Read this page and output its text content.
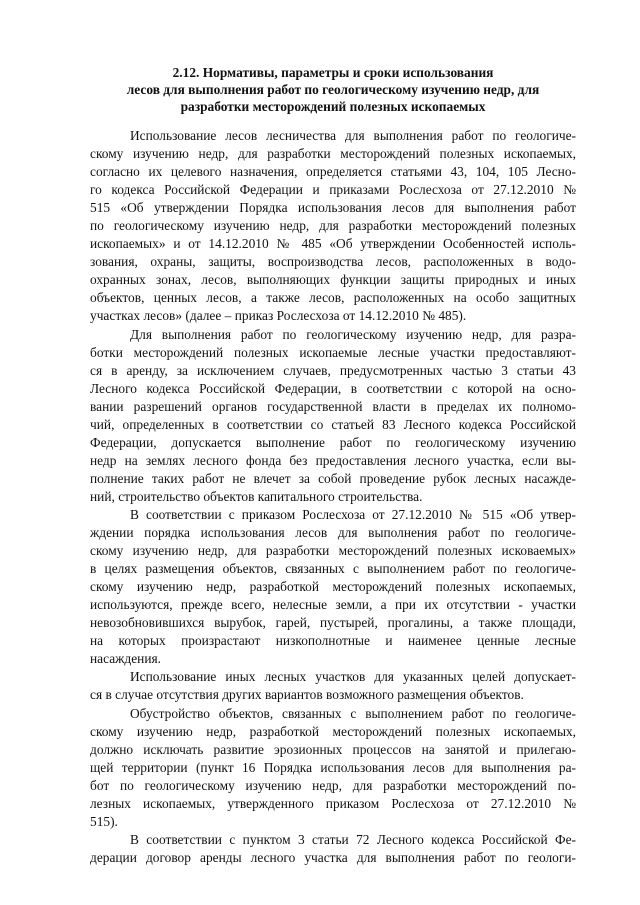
2.12. Нормативы, параметры и сроки использования
лесов для выполнения работ по геологическому изучению недр, для
разработки месторождений полезных ископаемых
Использование лесов лесничества для выполнения работ по геологиче-
скому изучению недр, для разработки месторождений полезных ископаемых,
согласно их целевого назначения, определяется статьями 43, 104, 105 Лесно-
го кодекса Российской Федерации и приказами Рослесхоза от 27.12.2010 №
515 «Об утверждении Порядка использования лесов для выполнения работ
по геологическому изучению недр, для разработки месторождений полезных
ископаемых» и от 14.12.2010 № 485 «Об утверждении Особенностей исполь-
зования, охраны, защиты, воспроизводства лесов, расположенных в водо-
охранных зонах, лесов, выполняющих функции защиты природных и иных
объектов, ценных лесов, а также лесов, расположенных на особо защитных
участках лесов» (далее – приказ Рослесхоза от 14.12.2010 № 485).
Для выполнения работ по геологическому изучению недр, для разра-
ботки месторождений полезных ископаемые лесные участки предоставляют-
ся в аренду, за исключением случаев, предусмотренных частью 3 статьи 43
Лесного кодекса Российской Федерации, в соответствии с которой на осно-
вании разрешений органов государственной власти в пределах их полномо-
чий, определенных в соответствии со статьей 83 Лесного кодекса Российской
Федерации, допускается выполнение работ по геологическому изучению
недр на землях лесного фонда без предоставления лесного участка, если вы-
полнение таких работ не влечет за собой проведение рубок лесных насажде-
ний, строительство объектов капитального строительства.
В соответствии с приказом Рослесхоза от 27.12.2010 № 515 «Об утвер-
ждении порядка использования лесов для выполнения работ по геологиче-
скому изучению недр, для разработки месторождений полезных исковаемых»
в целях размещения объектов, связанных с выполнением работ по геологиче-
скому изучению недр, разработкой месторождений полезных ископаемых,
используются, прежде всего, нелесные земли, а при их отсутствии - участки
невозобновившихся вырубок, гарей, пустырей, прогалины, а также площади,
на которых произрастают низкополнотные и наименее ценные лесные
насаждения.
Использование иных лесных участков для указанных целей допускает-
ся в случае отсутствия других вариантов возможного размещения объектов.
Обустройство объектов, связанных с выполнением работ по геологиче-
скому изучению недр, разработкой месторождений полезных ископаемых,
должно исключать развитие эрозионных процессов на занятой и прилегаю-
щей территории (пункт 16 Порядка использования лесов для выполнения ра-
бот по геологическому изучению недр, для разработки месторождений по-
лезных ископаемых, утвержденного приказом Рослесхоза от 27.12.2010 №
515).
В соответствии с пунктом 3 статьи 72 Лесного кодекса Российской Фе-
дерации договор аренды лесного участка для выполнения работ по геологи-
